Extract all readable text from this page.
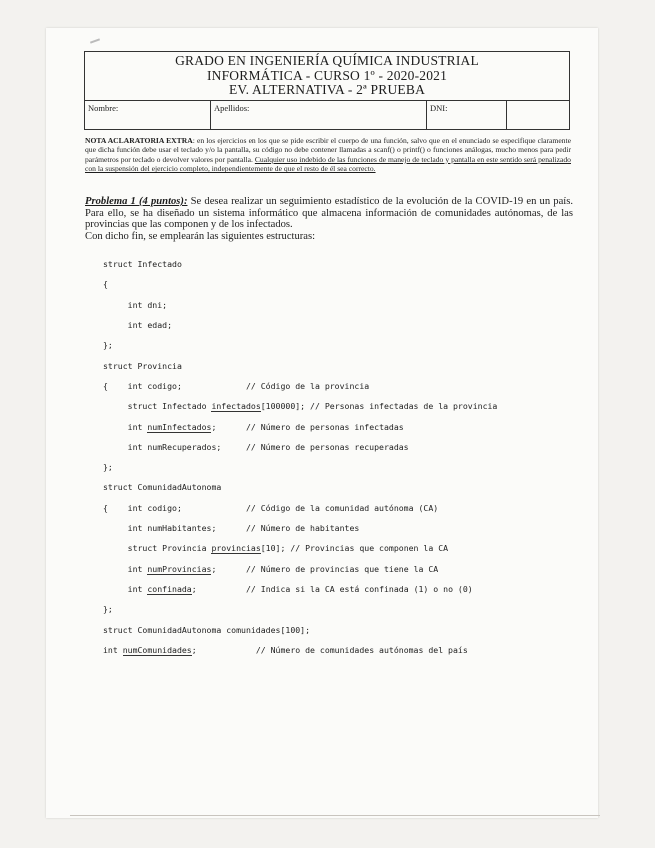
GRADO EN INGENIERÍA QUÍMICA INDUSTRIAL
INFORMÁTICA - CURSO 1º - 2020-2021
EV. ALTERNATIVA - 2ª PRUEBA
Nombre:	Apellidos:	DNI:
NOTA ACLARATORIA EXTRA: en los ejercicios en los que se pide escribir el cuerpo de una función, salvo que en el enunciado se especifique claramente que dicha función debe usar el teclado y/o la pantalla, su código no debe contener llamadas a scanf() o printf() o funciones análogas, mucho menos para pedir parámetros por teclado o devolver valores por pantalla. Cualquier uso indebido de las funciones de manejo de teclado y pantalla en este sentido será penalizado con la suspensión del ejercicio completo, independientemente de que el resto de él sea correcto.
Problema 1 (4 puntos): Se desea realizar un seguimiento estadístico de la evolución de la COVID-19 en un país. Para ello, se ha diseñado un sistema informático que almacena información de comunidades autónomas, de las provincias que las componen y de los infectados.
Con dicho fin, se emplearán las siguientes estructuras:

struct Infectado

{

int dni;

int edad;

};

struct Provincia

{    int codigo;             // Código de la provincia

struct Infectado infectados[100000]; // Personas infectadas de la provincia

int numInfectados;      // Número de personas infectadas

int numRecuperados;     // Número de personas recuperadas

};

struct ComunidadAutonoma

{    int codigo;             // Código de la comunidad autónoma (CA)

int numHabitantes;      // Número de habitantes

struct Provincia provincias[10]; // Provincias que componen la CA

int numProvincias;      // Número de provincias que tiene la CA

int confinada;          // Indica si la CA está confinada (1) o no (0)

};

struct ComunidadAutonoma comunidades[100];

int numComunidades;            // Número de comunidades autónomas del país
